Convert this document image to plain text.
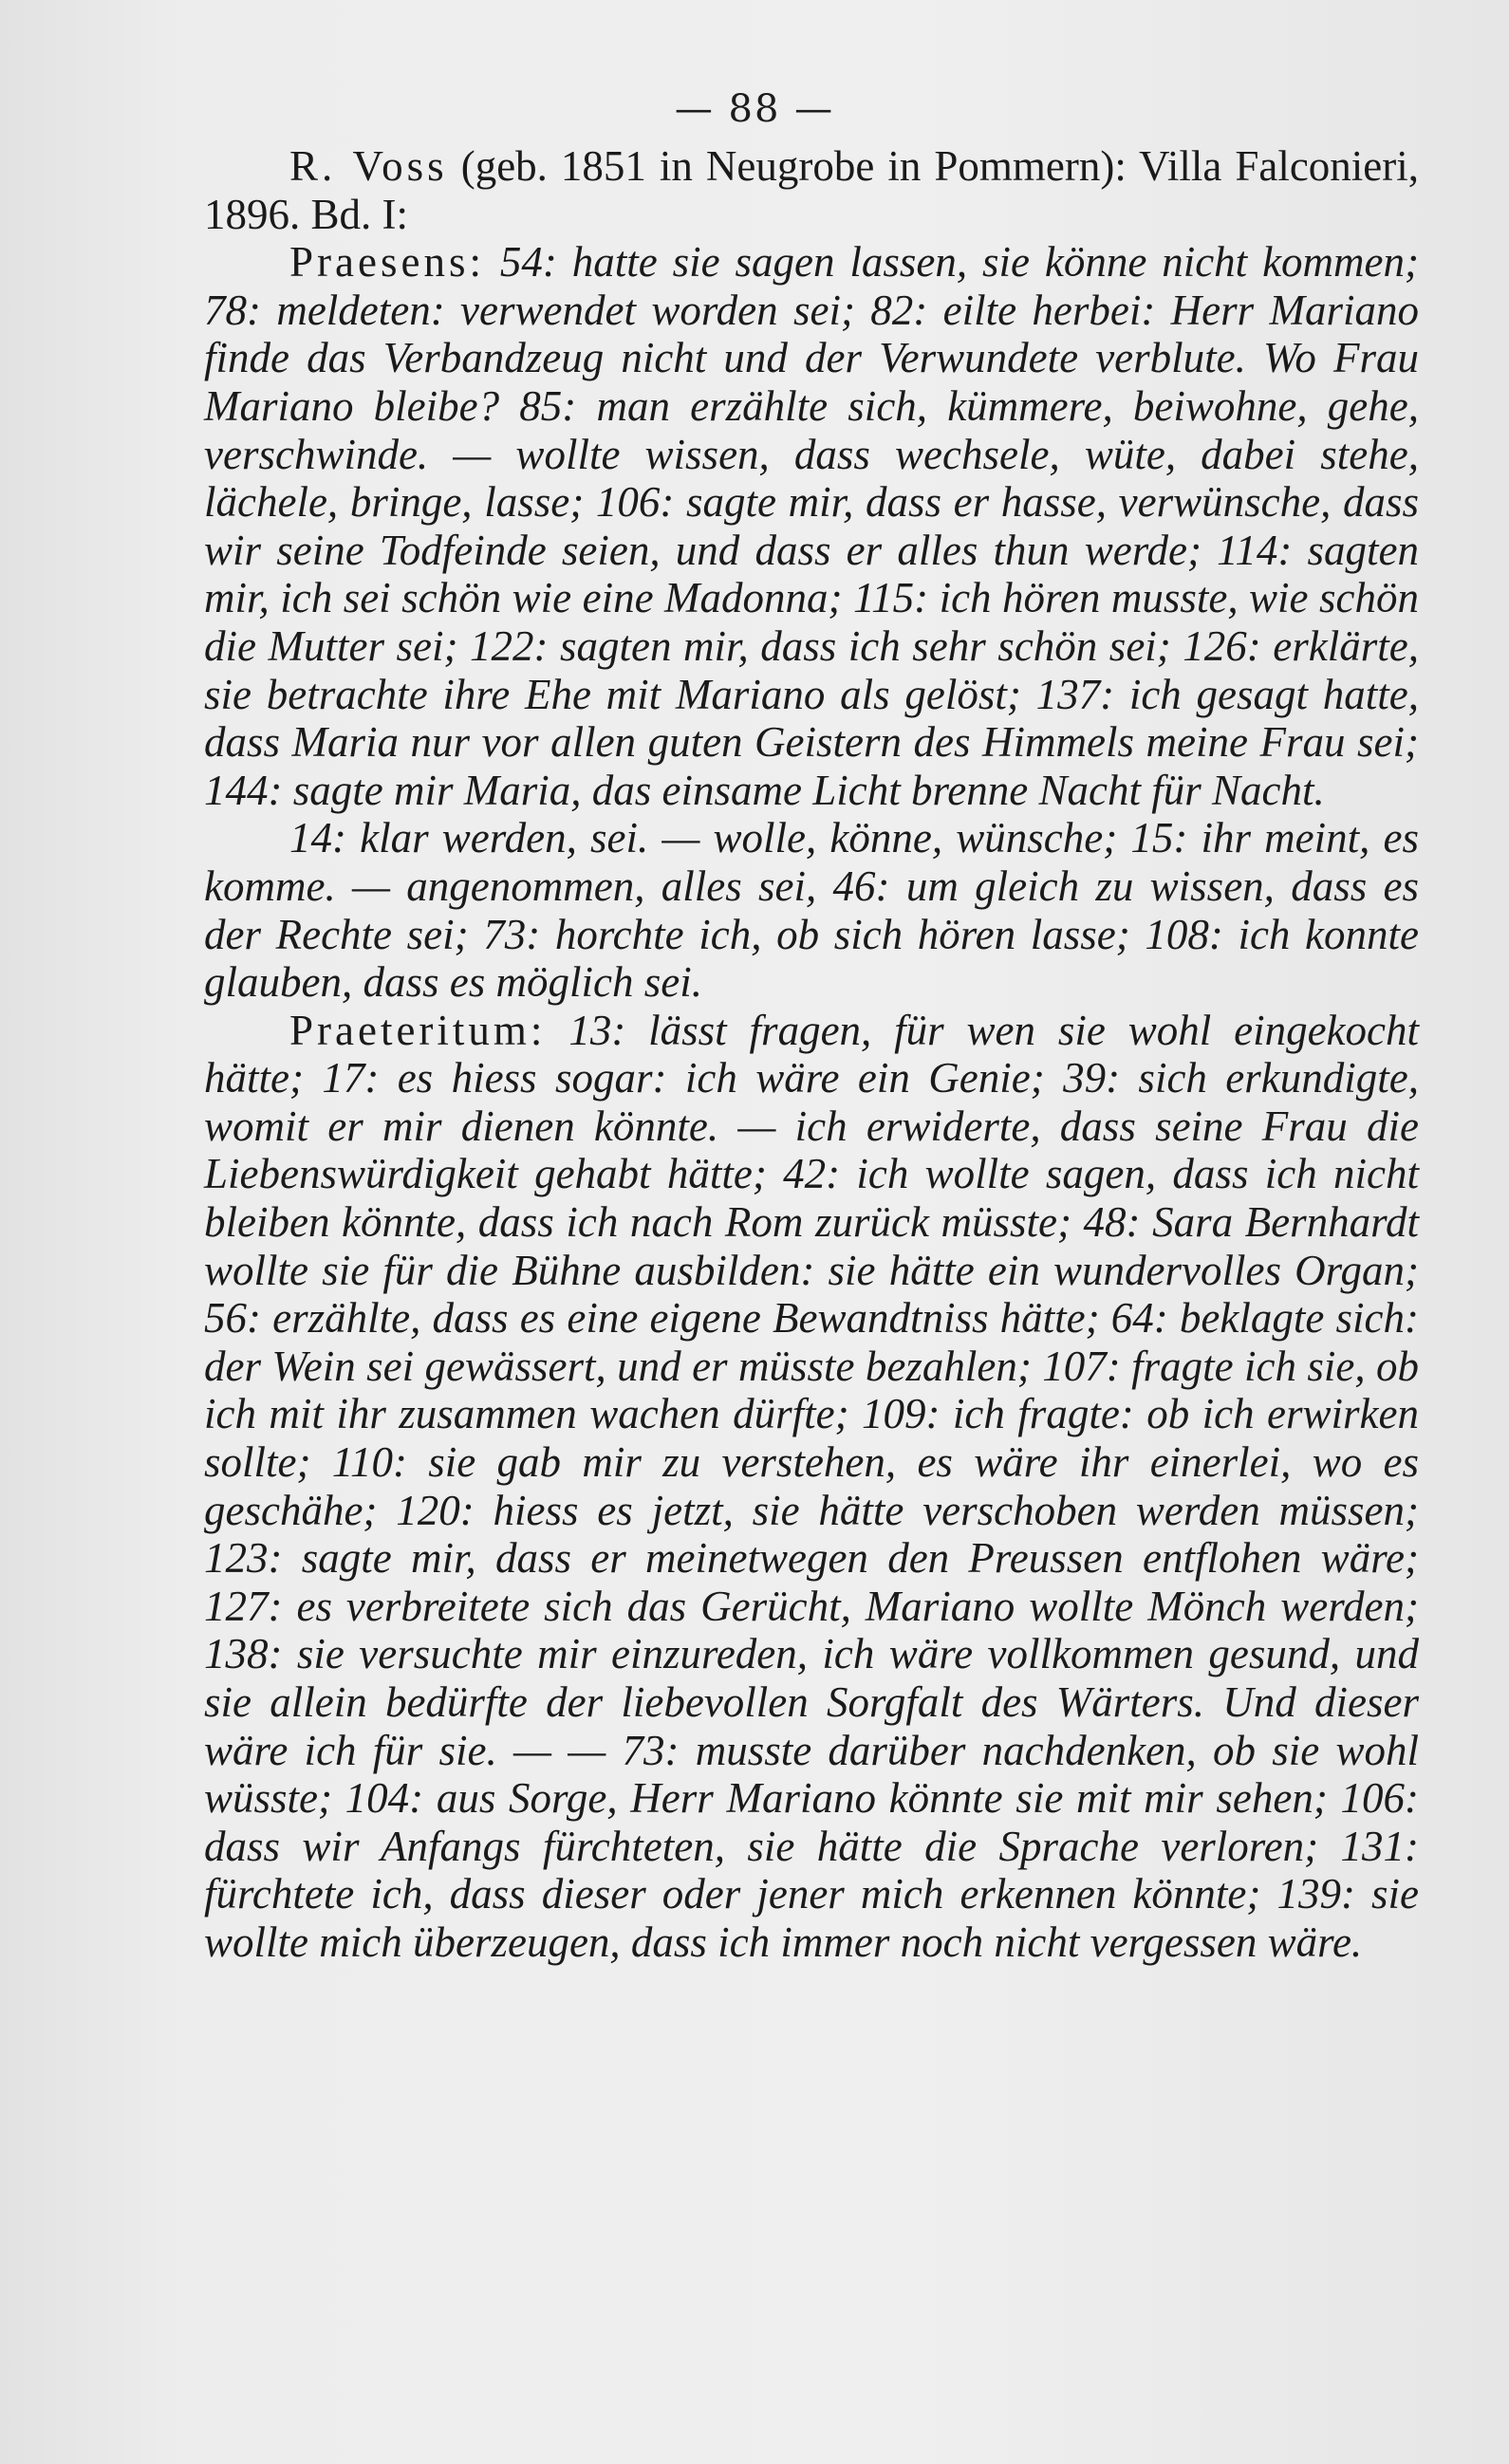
— 88 —

R. Voss (geb. 1851 in Neugrobe in Pommern): Villa Falconieri, 1896. Bd. I:

Praesens: 54: hatte sie sagen lassen, sie könne nicht kommen; 78: meldeten: verwendet worden sei; 82: eilte herbei: Herr Mariano finde das Verbandzeug nicht und der Verwundete verblute. Wo Frau Mariano bleibe? 85: man erzählte sich, kümmere, beiwohne, gehe, verschwinde. — wollte wissen, dass wechsele, wüte, dabei stehe, lächele, bringe, lasse; 106: sagte mir, dass er hasse, verwünsche, dass wir seine Todfeinde seien, und dass er alles thun werde; 114: sagten mir, ich sei schön wie eine Madonna; 115: ich hören musste, wie schön die Mutter sei; 122: sagten mir, dass ich sehr schön sei; 126: erklärte, sie betrachte ihre Ehe mit Mariano als gelöst; 137: ich gesagt hatte, dass Maria nur vor allen guten Geistern des Himmels meine Frau sei; 144: sagte mir Maria, das einsame Licht brenne Nacht für Nacht.

14: klar werden, sei. — wolle, könne, wünsche; 15: ihr meint, es komme. — angenommen, alles sei, 46: um gleich zu wissen, dass es der Rechte sei; 73: horchte ich, ob sich hören lasse; 108: ich konnte glauben, dass es möglich sei.

Praeteritum: 13: lässt fragen, für wen sie wohl eingekocht hätte; 17: es hiess sogar: ich wäre ein Genie; 39: sich erkundigte, womit er mir dienen könnte. — ich erwiderte, dass seine Frau die Liebenswürdigkeit gehabt hätte; 42: ich wollte sagen, dass ich nicht bleiben könnte, dass ich nach Rom zurück müsste; 48: Sara Bernhardt wollte sie für die Bühne ausbilden: sie hätte ein wundervolles Organ; 56: erzählte, dass es eine eigene Bewandtniss hätte; 64: beklagte sich: der Wein sei gewässert, und er müsste bezahlen; 107: fragte ich sie, ob ich mit ihr zusammen wachen dürfte; 109: ich fragte: ob ich erwirken sollte; 110: sie gab mir zu verstehen, es wäre ihr einerlei, wo es geschähe; 120: hiess es jetzt, sie hätte verschoben werden müssen; 123: sagte mir, dass er meinetwegen den Preussen entflohen wäre; 127: es verbreitete sich das Gerücht, Mariano wollte Mönch werden; 138: sie versuchte mir einzureden, ich wäre vollkommen gesund, und sie allein bedürfte der liebevollen Sorgfalt des Wärters. Und dieser wäre ich für sie. — — 73: musste darüber nachdenken, ob sie wohl wüsste; 104: aus Sorge, Herr Mariano könnte sie mit mir sehen; 106: dass wir Anfangs fürchteten, sie hätte die Sprache verloren; 131: fürchtete ich, dass dieser oder jener mich erkennen könnte; 139: sie wollte mich überzeugen, dass ich immer noch nicht vergessen wäre.
